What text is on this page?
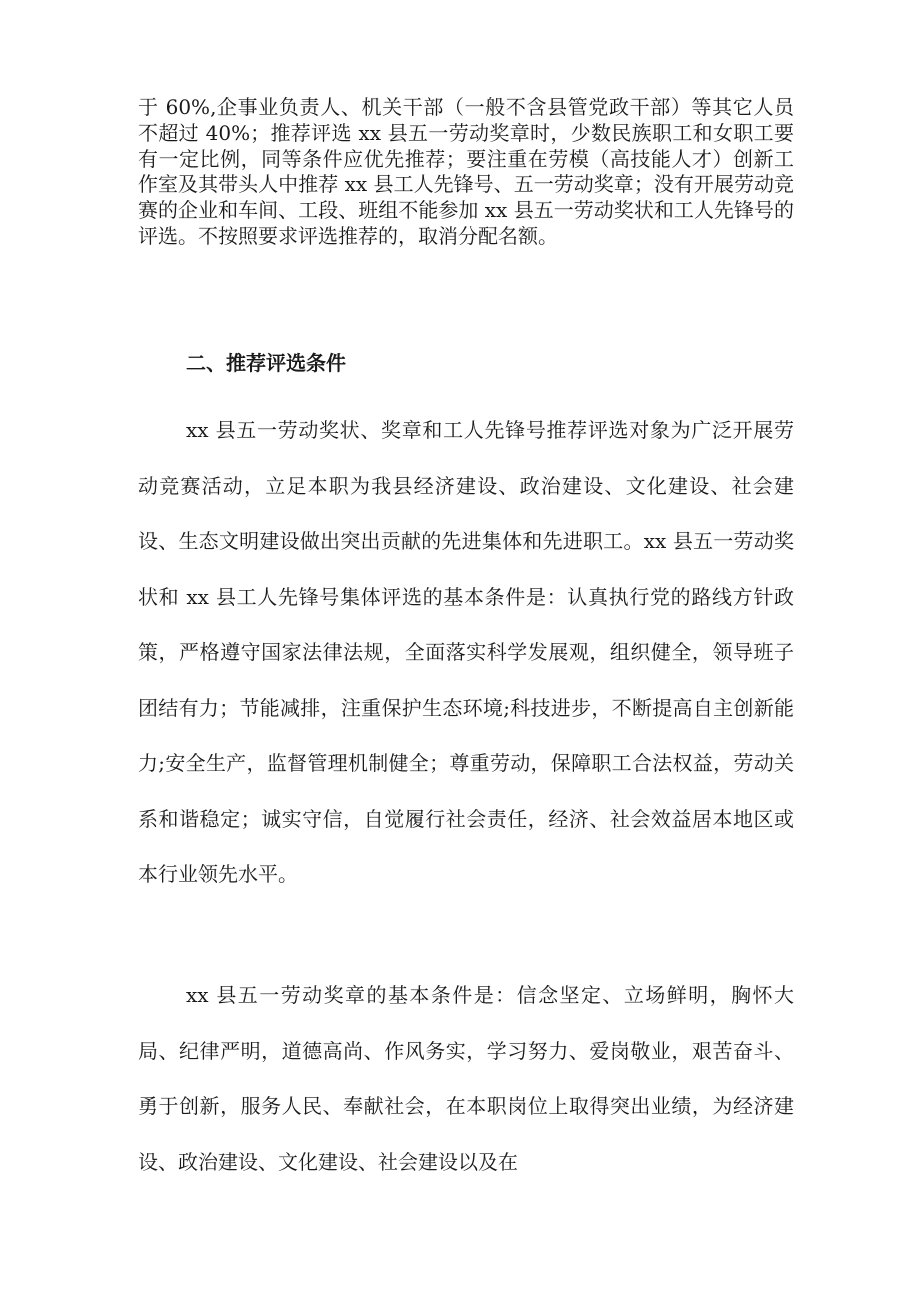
于 60%,企事业负责人、机关干部（一般不含县管党政干部）等其它人员不超过 40%；推荐评选 xx 县五一劳动奖章时，少数民族职工和女职工要有一定比例，同等条件应优先推荐；要注重在劳模（高技能人才）创新工作室及其带头人中推荐 xx 县工人先锋号、五一劳动奖章；没有开展劳动竞赛的企业和车间、工段、班组不能参加 xx 县五一劳动奖状和工人先锋号的评选。不按照要求评选推荐的，取消分配名额。

二、推荐评选条件

xx 县五一劳动奖状、奖章和工人先锋号推荐评选对象为广泛开展劳动竞赛活动，立足本职为我县经济建设、政治建设、文化建设、社会建设、生态文明建设做出突出贡献的先进集体和先进职工。xx 县五一劳动奖状和 xx 县工人先锋号集体评选的基本条件是：认真执行党的路线方针政策，严格遵守国家法律法规，全面落实科学发展观，组织健全，领导班子团结有力；节能减排，注重保护生态环境;科技进步，不断提高自主创新能力;安全生产，监督管理机制健全；尊重劳动，保障职工合法权益，劳动关系和谐稳定；诚实守信，自觉履行社会责任，经济、社会效益居本地区或本行业领先水平。

xx 县五一劳动奖章的基本条件是：信念坚定、立场鲜明，胸怀大局、纪律严明，道德高尚、作风务实，学习努力、爱岗敬业，艰苦奋斗、勇于创新，服务人民、奉献社会，在本职岗位上取得突出业绩，为经济建设、政治建设、文化建设、社会建设以及在
